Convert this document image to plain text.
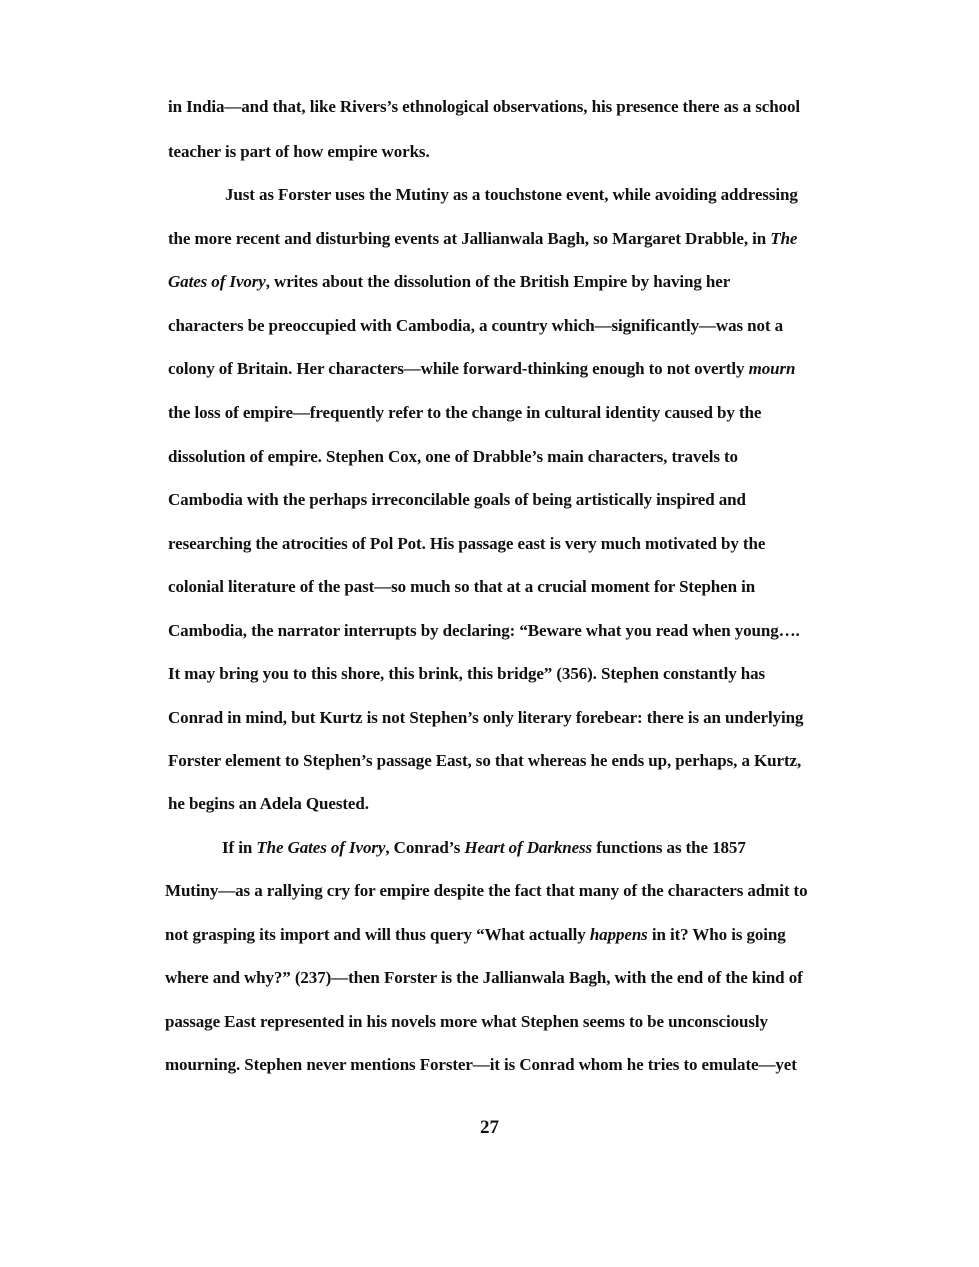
in India—and that, like Rivers’s ethnological observations, his presence there as a school
teacher is part of how empire works.
Just as Forster uses the Mutiny as a touchstone event, while avoiding addressing
the more recent and disturbing events at Jallianwala Bagh, so Margaret Drabble, in The
Gates of Ivory, writes about the dissolution of the British Empire by having her
characters be preoccupied with Cambodia, a country which—significantly—was not a
colony of Britain. Her characters—while forward-thinking enough to not overtly mourn
the loss of empire—frequently refer to the change in cultural identity caused by the
dissolution of empire. Stephen Cox, one of Drabble’s main characters, travels to
Cambodia with the perhaps irreconcilable goals of being artistically inspired and
researching the atrocities of Pol Pot. His passage east is very much motivated by the
colonial literature of the past—so much so that at a crucial moment for Stephen in
Cambodia, the narrator interrupts by declaring: “Beware what you read when young….
It may bring you to this shore, this brink, this bridge” (356). Stephen constantly has
Conrad in mind, but Kurtz is not Stephen’s only literary forebear: there is an underlying
Forster element to Stephen’s passage East, so that whereas he ends up, perhaps, a Kurtz,
he begins an Adela Quested.
If in The Gates of Ivory, Conrad’s Heart of Darkness functions as the 1857
Mutiny—as a rallying cry for empire despite the fact that many of the characters admit to
not grasping its import and will thus query “What actually happens in it? Who is going
where and why?” (237)—then Forster is the Jallianwala Bagh, with the end of the kind of
passage East represented in his novels more what Stephen seems to be unconsciously
mourning. Stephen never mentions Forster—it is Conrad whom he tries to emulate—yet
27
